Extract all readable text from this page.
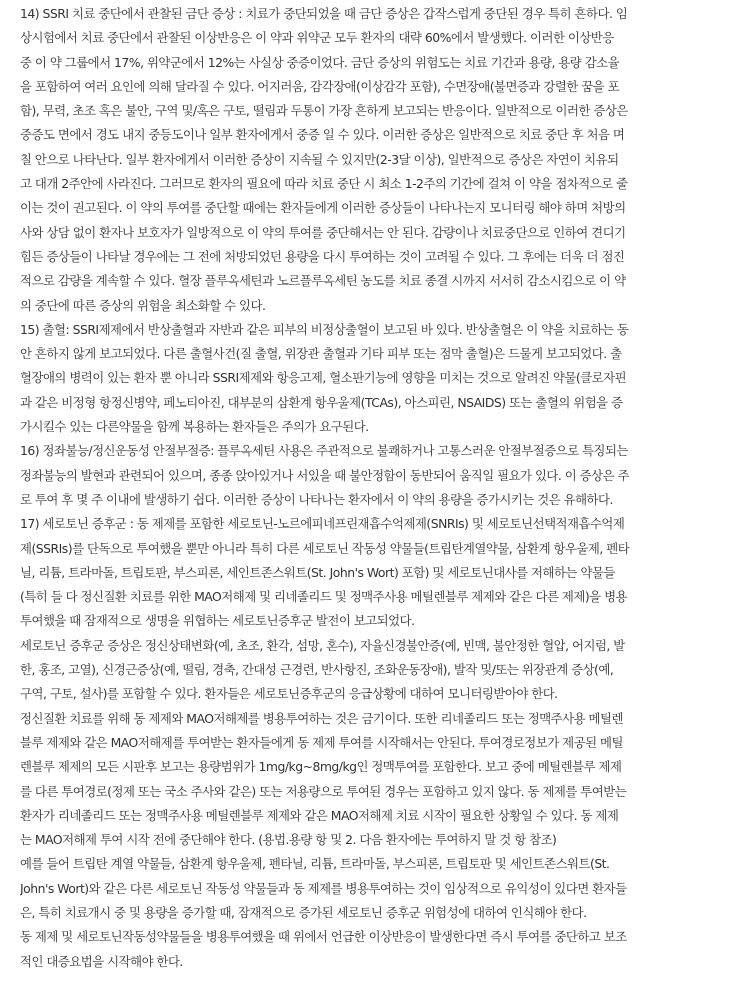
14) SSRI 치료 중단에서 관찰된 금단 증상 : 치료가 중단되었을 때 금단 증상은 갑작스럽게 중단된 경우 특히 흔하다. 임
상시험에서 치료 중단에서 관찰된 이상반응은 이 약과 위약군 모두 환자의 대략 60%에서 발생했다. 이러한 이상반응
중 이 약 그룹에서 17%, 위약군에서 12%는 사실상 중증이었다. 금단 증상의 위험도는 치료 기간과 용량, 용량 감소율
을 포함하여 여러 요인에 의해 달라질 수 있다. 어지러움, 감각장애(이상감각 포함), 수면장애(불면증과 강렬한 꿈을 포
함), 무력, 초조 혹은 불안, 구역 및/혹은 구토, 떨림과 두통이 가장 흔하게 보고되는 반응이다. 일반적으로 이러한 증상은
중증도 면에서 경도 내지 중등도이나 일부 환자에게서 중증 일 수 있다. 이러한 증상은 일반적으로 치료 중단 후 처음 며
칠 안으로 나타난다. 일부 환자에게서 이러한 증상이 지속될 수 있지만(2-3달 이상), 일반적으로 증상은 자연이 치유되
고 대개 2주안에 사라진다. 그러므로 환자의 필요에 따라 치료 중단 시 최소 1-2주의 기간에 걸쳐 이 약을 점차적으로 줄
이는 것이 권고된다. 이 약의 투여를 중단할 때에는 환자들에게 이러한 증상들이 나타나는지 모니터링 해야 하며 처방의
사와 상담 없이 환자나 보호자가 일방적으로 이 약의 투여를 중단해서는 안 된다. 감량이나 치료중단으로 인하여 견디기
힘든 증상들이 나타날 경우에는 그 전에 처방되었던 용량을 다시 투여하는 것이 고려될 수 있다. 그 후에는 더욱 더 점진
적으로 감량을 계속할 수 있다. 혈장 플루옥세틴과 노르플루옥세틴 농도를 치료 종결 시까지 서서히 감소시킴으로 이 약
의 중단에 따른 증상의 위험을 최소화할 수 있다.
15) 출혈: SSRI제제에서 반상출혈과 자반과 같은 피부의 비정상출혈이 보고된 바 있다. 반상출혈은 이 약을 치료하는 동
안 흔하지 않게 보고되었다. 다른 출혈사건(질 출혈, 위장관 출혈과 기타 피부 또는 점막 출혈)은 드물게 보고되었다. 출
혈장애의 병력이 있는 환자 뿐 아니라 SSRI제제와 항응고제, 혈소판기능에 영향을 미치는 것으로 알려진 약물(클로자핀
과 같은 비정형 항정신병약, 페노티아진, 대부분의 삼환계 항우울제(TCAs), 아스피린, NSAIDS) 또는 출혈의 위험을 증
가시킬수 있는 다른약물을 함께 복용하는 환자들은 주의가 요구된다.
16) 정좌불능/정신운동성 안절부절증: 플루옥세틴 사용은 주관적으로 불쾌하거나 고통스러운 안절부절증으로 특징되는
정좌불능의 발현과 관련되어 있으며, 종종 앉아있거나 서있을 때 불안정함이 동반되어 움직일 필요가 있다. 이 증상은 주
로 투여 후 몇 주 이내에 발생하기 쉽다. 이러한 증상이 나타나는 환자에서 이 약의 용량을 증가시키는 것은 유해하다.
17) 세로토닌 증후군 : 동 제제를 포함한 세로토닌-노르에피네프린재흡수억제제(SNRIs) 및 세로토닌선택적재흡수억제
제(SSRIs)를 단독으로 투여했을 뿐만 아니라 특히 다른 세로토닌 작동성 약물들(트립탄계열약물, 삼환계 항우울제, 펜타
닐, 리튬, 트라마돌, 트립토판, 부스피론, 세인트존스워트(St. John's Wort) 포함) 및 세로토닌대사를 저해하는 약물들
(특히 들 다 정신질환 치료를 위한 MAO저해제 및 리네졸리드 및 정맥주사용 메틸렌블루 제제와 같은 다른 제제)을 병용
투여했을 때 잠재적으로 생명을 위협하는 세로토닌증후군 발전이 보고되었다.
세로토닌 증후군 증상은 정신상태변화(예, 초조, 환각, 섬망, 혼수), 자율신경불안증(예, 빈맥, 불안정한 혈압, 어지럼, 발
한, 홍조, 고열), 신경근증상(예, 떨림, 경축, 간대성 근경련, 반사항진, 조화운동장애), 발작 및/또는 위장관계 증상(예,
구역, 구토, 설사)를 포함할 수 있다. 환자들은 세로토닌증후군의 응급상황에 대하여 모니터링받아야 한다.
정신질환 치료를 위해 동 제제와 MAO저해제를 병용투여하는 것은 금기이다. 또한 리네졸리드 또는 정맥주사용 메틸렌
블루 제제와 같은 MAO저해제를 투여받는 환자들에게 동 제제 투여를 시작해서는 안된다. 투여경로정보가 제공된 메틸
렌블루 제제의 모든 시판후 보고는 용량범위가 1mg/kg~8mg/kg인 정맥투여를 포함한다. 보고 중에 메틸렌블루 제제
를 다른 투여경로(정제 또는 국소 주사와 같은) 또는 저용량으로 투여된 경우는 포함하고 있지 않다. 동 제제를 투여받는
환자가 리네졸리드 또는 정맥주사용 메틸렌블루 제제와 같은 MAO저해제 치료 시작이 필요한 상황일 수 있다. 동 제제
는 MAO저해제 투여 시작 전에 중단해야 한다. (용법.용량 항 및 2. 다음 환자에는 투여하지 말 것 항 참조)
예를 들어 트립탄 계열 약물들, 삼환계 항우울제, 펜타닐, 리튬, 트라마돌, 부스피론, 트립토판 및 세인트존스워트(St.
John's Wort)와 같은 다른 세로토닌 작동성 약물들과 동 제제를 병용투여하는 것이 임상적으로 유익성이 있다면 환자들
은, 특히 치료개시 중 및 용량을 증가할 때, 잠재적으로 증가된 세로토닌 증후군 위험성에 대하여 인식해야 한다.
동 제제 및 세로토닌작동성약물들을 병용투여했을 때 위에서 언급한 이상반응이 발생한다면 즉시 투여를 중단하고 보조
적인 대증요법을 시작해야 한다.
